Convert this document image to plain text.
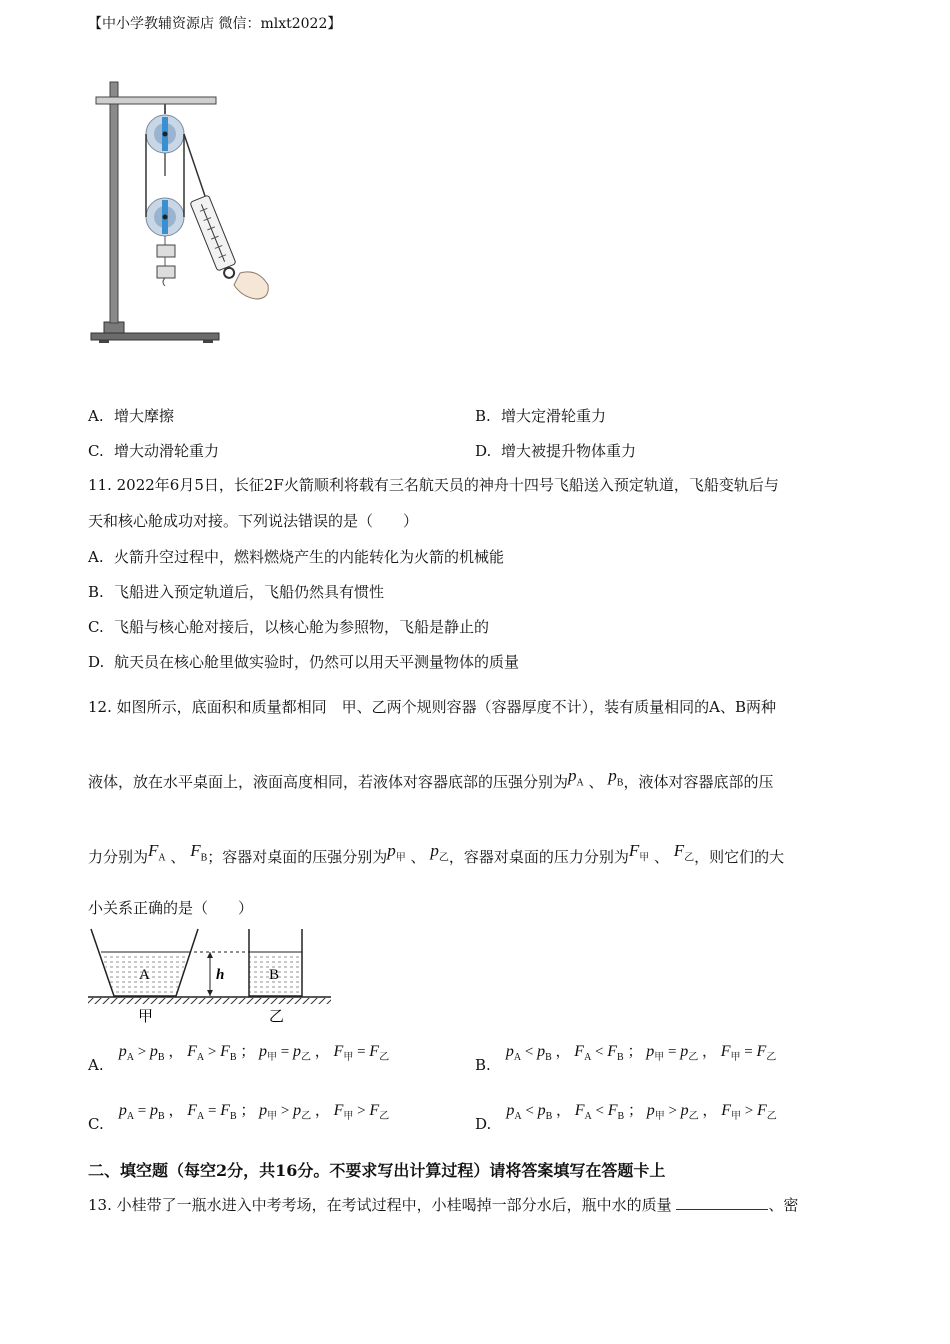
【中小学教辅资源店 微信：mlxt2022】
A. 增大摩擦	B. 增大定滑轮重力
C. 增大动滑轮重力	D. 增大被提升物体重力
11. 2022年6月5日，长征2F火箭顺利将载有三名航天员的神舟十四号飞船送入预定轨道，飞船变轨后与
天和核心舱成功对接。下列说法错误的是（　　）
A. 火箭升空过程中，燃料燃烧产生的内能转化为火箭的机械能
B. 飞船进入预定轨道后，飞船仍然具有惯性
C. 飞船与核心舱对接后，以核心舱为参照物，飞船是静止的
D. 航天员在核心舱里做实验时，仍然可以用天平测量物体的质量
12. 如图所示，底面积和质量都相同　甲、乙两个规则容器（容器厚度不计），装有质量相同的A、B两种
液体，放在水平桌面上，液面高度相同，若液体对容器底部的压强分别为$p_A$ 、 $p_B$，液体对容器底部的压
力分别为$F_A$ 、 $F_B$；容器对桌面的压强分别为$p_甲$ 、 $p_乙$，容器对桌面的压力分别为$F_甲$ 、 $F_乙$，则它们的大
小关系正确的是（　　）
h
A	B
甲	乙
A. $p_A > p_B$ ， $F_A > F_B$ ； $p_甲 = p_乙$ ， $F_甲 = F_乙$	B. $p_A < p_B$ ， $F_A < F_B$ ； $p_甲 = p_乙$ ， $F_甲 = F_乙$
C. $p_A = p_B$ ， $F_A = F_B$ ； $p_甲 > p_乙$ ， $F_甲 > F_乙$	D. $p_A < p_B$ ， $F_A < F_B$ ； $p_甲 > p_乙$ ， $F_甲 > F_乙$
二、填空题（每空2分，共16分。不要求写出计算过程）请将答案填写在答题卡上
13. 小桂带了一瓶水进入中考考场，在考试过程中，小桂喝掉一部分水后，瓶中水的质量	、密
